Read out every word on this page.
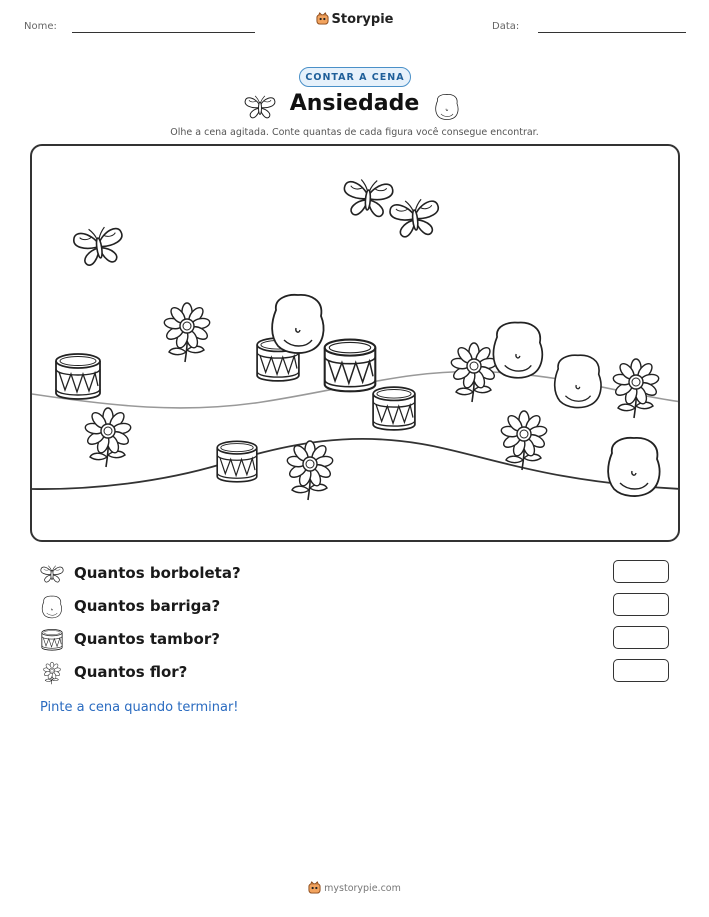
Nome:	Storypie	Data:
CONTAR A CENA
Ansiedade
Olhe a cena agitada. Conte quantas de cada figura você consegue encontrar.
Quantos borboleta?
Quantos barriga?
Quantos tambor?
Quantos flor?
Pinte a cena quando terminar!
mystorypie.com
